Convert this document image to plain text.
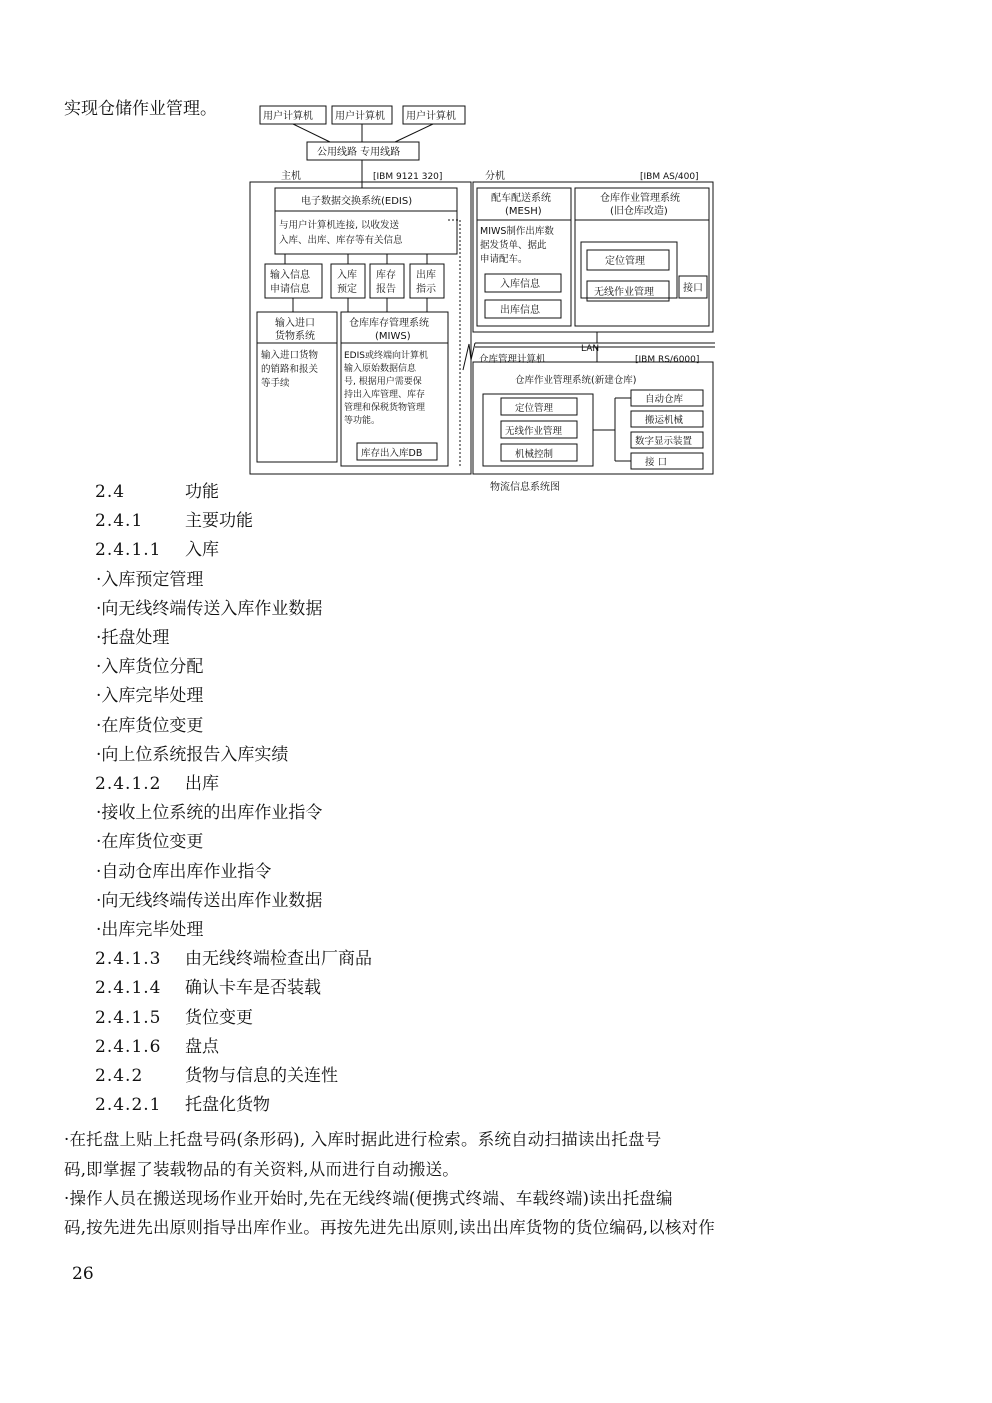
实现仓储作业管理。	用户计算机 用户计算机 用户计算机
公用线路 专用线路
主机	[IBM 9121 320]	分机	[IBM AS/400]
电子数据交换系统(EDIS)
与用户计算机连接, 以收发送
入库、出库、库存等有关信息
输入信息
申请信息
入库
预定
库存
报告
出库
指示
输入进口
货物系统
输入进口货物
的销路和报关
等手续
仓库库存管理系统
(MIWS)
EDIS或终端向计算机
输入原始数据信息
号, 根据用户需要保
持出入库管理、库存
管理和保税货物管理
等功能。
库存出入库DB
配车配送系统
(MESH)
MIWS制作出库数
据发货单、据此
申请配车。
入库信息
出库信息
仓库作业管理系统
(旧仓库改造)
定位管理
无线作业管理	接口
LAN
仓库管理计算机	[IBM RS/6000]
仓库作业管理系统(新建仓库)
定位管理
无线作业管理
机械控制
自动仓库
搬运机械
数字显示装置
接 口
物流信息系统图
2.4	功能
2.4.1 主要功能
2.4.1.1 入库
·入库预定管理
·向无线终端传送入库作业数据
·托盘处理
·入库货位分配
·入库完毕处理
·在库货位变更
·向上位系统报告入库实绩
2.4.1.2 出库
·接收上位系统的出库作业指令
·在库货位变更
·自动仓库出库作业指令
·向无线终端传送出库作业数据
·出库完毕处理
2.4.1.3 由无线终端检查出厂商品
2.4.1.4 确认卡车是否装载
2.4.1.5 货位变更
2.4.1.6 盘点
2.4.2 货物与信息的关连性
2.4.2.1 托盘化货物
·在托盘上贴上托盘号码(条形码), 入库时据此进行检索。系统自动扫描读出托盘号
码,即掌握了装载物品的有关资料,从而进行自动搬送。
·操作人员在搬送现场作业开始时,先在无线终端(便携式终端、车载终端)读出托盘编
码,按先进先出原则指导出库作业。再按先进先出原则,读出出库货物的货位编码,以核对作
26
